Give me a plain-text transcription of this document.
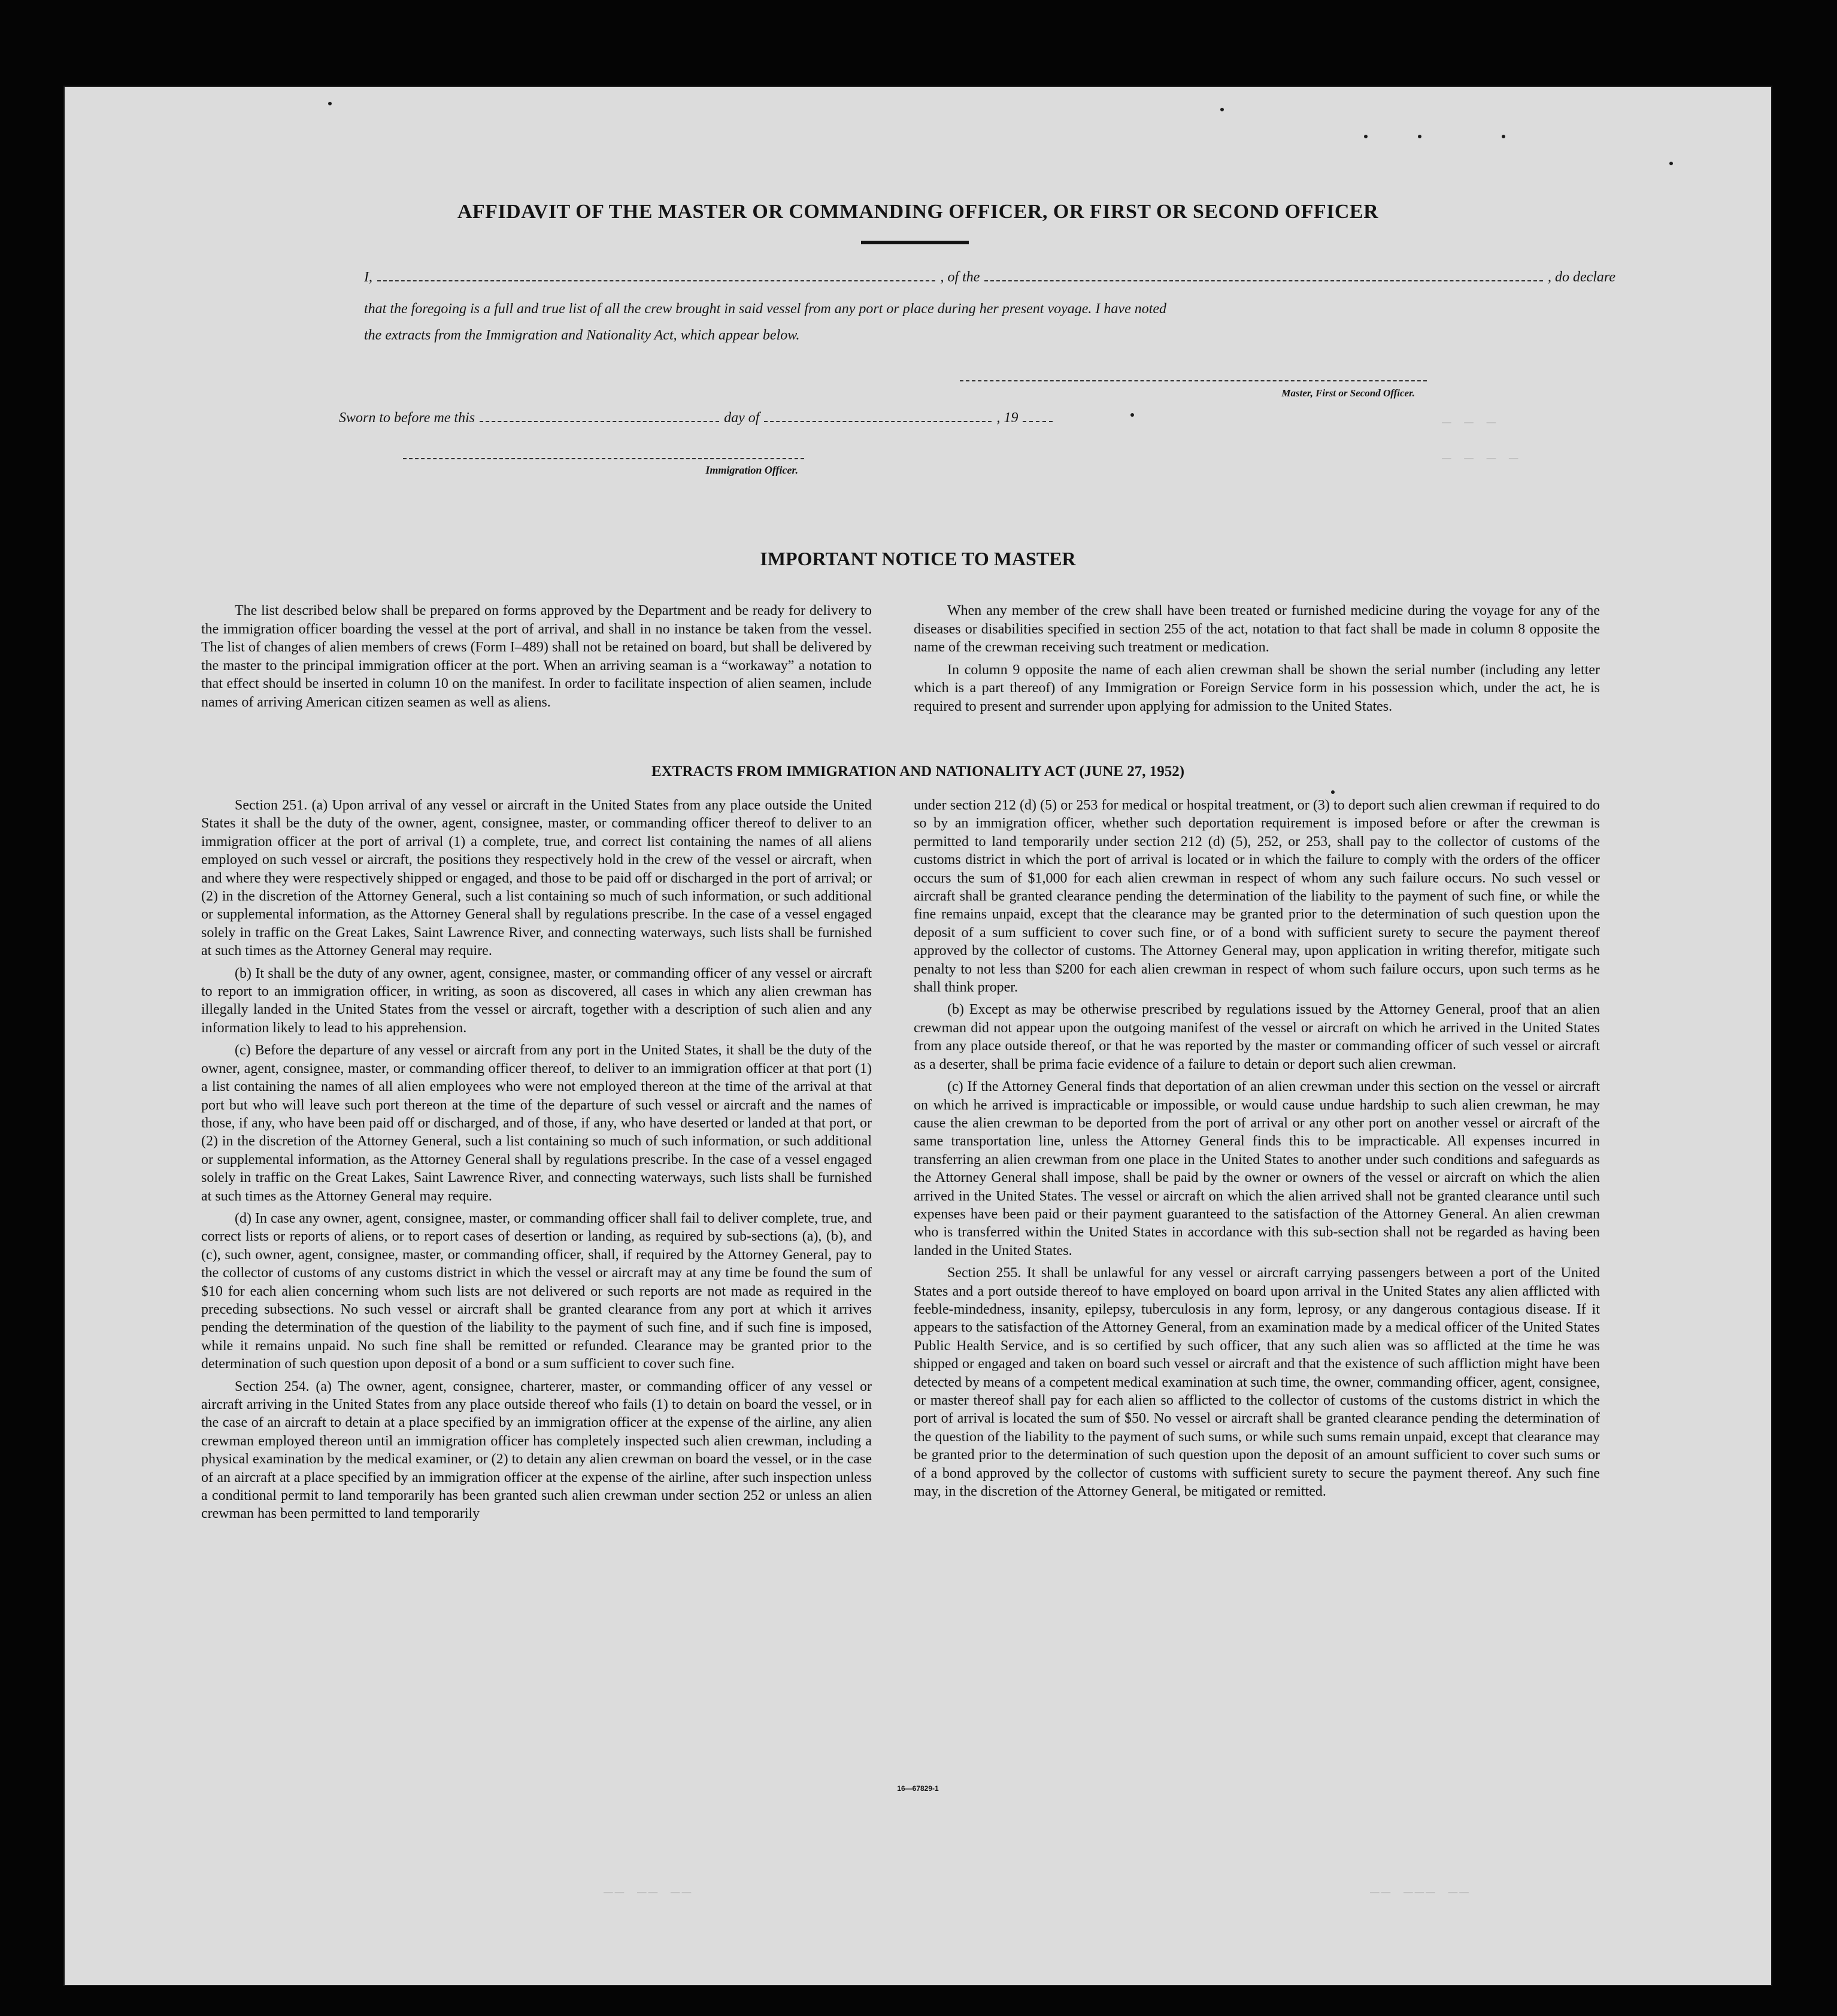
— — —
— — — —
—— —— ——	—— ——— ——
AFFIDAVIT OF THE MASTER OR COMMANDING OFFICER, OR FIRST OR SECOND OFFICER
I,	, of the	, do declare
that the foregoing is a full and true list of all the crew brought in said vessel from any port or place during her present voyage. I have noted
the extracts from the Immigration and Nationality Act, which appear below.
Master, First or Second Officer.
Sworn to before me this	day of	, 19
Immigration Officer.
IMPORTANT NOTICE TO MASTER

The list described below shall be prepared on forms approved by the Department and be ready for delivery to the immigration officer boarding the vessel at the port of arrival, and shall in no instance be taken from the vessel. The list of changes of alien members of crews (Form I–489) shall not be retained on board, but shall be delivered by the master to the principal immigration officer at the port. When an arriving seaman is a “workaway” a notation to that effect should be inserted in column 10 on the manifest. In order to facilitate inspection of alien seamen, include names of arriving American citizen seamen as well as aliens.

When any member of the crew shall have been treated or furnished medicine during the voyage for any of the diseases or disabilities specified in section 255 of the act, notation to that fact shall be made in column 8 opposite the name of the crewman receiving such treatment or medication.

In column 9 opposite the name of each alien crewman shall be shown the serial number (including any letter which is a part thereof) of any Immigration or Foreign Service form in his possession which, under the act, he is required to present and surrender upon applying for admission to the United States.

EXTRACTS FROM IMMIGRATION AND NATIONALITY ACT (JUNE 27, 1952)

Section 251. (a) Upon arrival of any vessel or aircraft in the United States from any place outside the United States it shall be the duty of the owner, agent, consignee, master, or commanding officer thereof to deliver to an immigration officer at the port of arrival (1) a complete, true, and correct list containing the names of all aliens employed on such vessel or aircraft, the positions they respectively hold in the crew of the vessel or aircraft, when and where they were respectively shipped or engaged, and those to be paid off or discharged in the port of arrival; or (2) in the discretion of the Attorney General, such a list containing so much of such information, or such additional or supplemental information, as the Attorney General shall by regulations prescribe. In the case of a vessel engaged solely in traffic on the Great Lakes, Saint Lawrence River, and connecting waterways, such lists shall be furnished at such times as the Attorney General may require.

(b) It shall be the duty of any owner, agent, consignee, master, or commanding officer of any vessel or aircraft to report to an immigration officer, in writing, as soon as discovered, all cases in which any alien crewman has illegally landed in the United States from the vessel or aircraft, together with a description of such alien and any information likely to lead to his apprehension.

(c) Before the departure of any vessel or aircraft from any port in the United States, it shall be the duty of the owner, agent, consignee, master, or commanding officer thereof, to deliver to an immigration officer at that port (1) a list containing the names of all alien employees who were not employed thereon at the time of the arrival at that port but who will leave such port thereon at the time of the departure of such vessel or aircraft and the names of those, if any, who have been paid off or discharged, and of those, if any, who have deserted or landed at that port, or (2) in the discretion of the Attorney General, such a list containing so much of such information, or such additional or supplemental information, as the Attorney General shall by regulations prescribe. In the case of a vessel engaged solely in traffic on the Great Lakes, Saint Lawrence River, and connecting waterways, such lists shall be furnished at such times as the Attorney General may require.

(d) In case any owner, agent, consignee, master, or commanding officer shall fail to deliver complete, true, and correct lists or reports of aliens, or to report cases of desertion or landing, as required by sub-sections (a), (b), and (c), such owner, agent, consignee, master, or commanding officer, shall, if required by the Attorney General, pay to the collector of customs of any customs district in which the vessel or aircraft may at any time be found the sum of $10 for each alien concerning whom such lists are not delivered or such reports are not made as required in the preceding subsections. No such vessel or aircraft shall be granted clearance from any port at which it arrives pending the determination of the question of the liability to the payment of such fine, and if such fine is imposed, while it remains unpaid. No such fine shall be remitted or refunded. Clearance may be granted prior to the determination of such question upon deposit of a bond or a sum sufficient to cover such fine.

Section 254. (a) The owner, agent, consignee, charterer, master, or commanding officer of any vessel or aircraft arriving in the United States from any place outside thereof who fails (1) to detain on board the vessel, or in the case of an aircraft to detain at a place specified by an immigration officer at the expense of the airline, any alien crewman employed thereon until an immigration officer has completely inspected such alien crewman, including a physical examination by the medical examiner, or (2) to detain any alien crewman on board the vessel, or in the case of an aircraft at a place specified by an immigration officer at the expense of the airline, after such inspection unless a conditional permit to land temporarily has been granted such alien crewman under section 252 or unless an alien crewman has been permitted to land temporarily

under section 212 (d) (5) or 253 for medical or hospital treatment, or (3) to deport such alien crewman if required to do so by an immigration officer, whether such deportation requirement is imposed before or after the crewman is permitted to land temporarily under section 212 (d) (5), 252, or 253, shall pay to the collector of customs of the customs district in which the port of arrival is located or in which the failure to comply with the orders of the officer occurs the sum of $1,000 for each alien crewman in respect of whom any such failure occurs. No such vessel or aircraft shall be granted clearance pending the determination of the liability to the payment of such fine, or while the fine remains unpaid, except that the clearance may be granted prior to the determination of such question upon the deposit of a sum sufficient to cover such fine, or of a bond with sufficient surety to secure the payment thereof approved by the collector of customs. The Attorney General may, upon application in writing therefor, mitigate such penalty to not less than $200 for each alien crewman in respect of whom such failure occurs, upon such terms as he shall think proper.

(b) Except as may be otherwise prescribed by regulations issued by the Attorney General, proof that an alien crewman did not appear upon the outgoing manifest of the vessel or aircraft on which he arrived in the United States from any place outside thereof, or that he was reported by the master or commanding officer of such vessel or aircraft as a deserter, shall be prima facie evidence of a failure to detain or deport such alien crewman.

(c) If the Attorney General finds that deportation of an alien crewman under this section on the vessel or aircraft on which he arrived is impracticable or impossible, or would cause undue hardship to such alien crewman, he may cause the alien crewman to be deported from the port of arrival or any other port on another vessel or aircraft of the same transportation line, unless the Attorney General finds this to be impracticable. All expenses incurred in transferring an alien crewman from one place in the United States to another under such conditions and safeguards as the Attorney General shall impose, shall be paid by the owner or owners of the vessel or aircraft on which the alien arrived in the United States. The vessel or aircraft on which the alien arrived shall not be granted clearance until such expenses have been paid or their payment guaranteed to the satisfaction of the Attorney General. An alien crewman who is transferred within the United States in accordance with this sub-section shall not be regarded as having been landed in the United States.

Section 255. It shall be unlawful for any vessel or aircraft carrying passengers between a port of the United States and a port outside thereof to have employed on board upon arrival in the United States any alien afflicted with feeble-mindedness, insanity, epilepsy, tuberculosis in any form, leprosy, or any dangerous contagious disease. If it appears to the satisfaction of the Attorney General, from an examination made by a medical officer of the United States Public Health Service, and is so certified by such officer, that any such alien was so afflicted at the time he was shipped or engaged and taken on board such vessel or aircraft and that the existence of such affliction might have been detected by means of a competent medical examination at such time, the owner, commanding officer, agent, consignee, or master thereof shall pay for each alien so afflicted to the collector of customs of the customs district in which the port of arrival is located the sum of $50. No vessel or aircraft shall be granted clearance pending the determination of the question of the liability to the payment of such sums, or while such sums remain unpaid, except that clearance may be granted prior to the determination of such question upon the deposit of an amount sufficient to cover such sums or of a bond approved by the collector of customs with sufficient surety to secure the payment thereof. Any such fine may, in the discretion of the Attorney General, be mitigated or remitted.

16—67829-1
